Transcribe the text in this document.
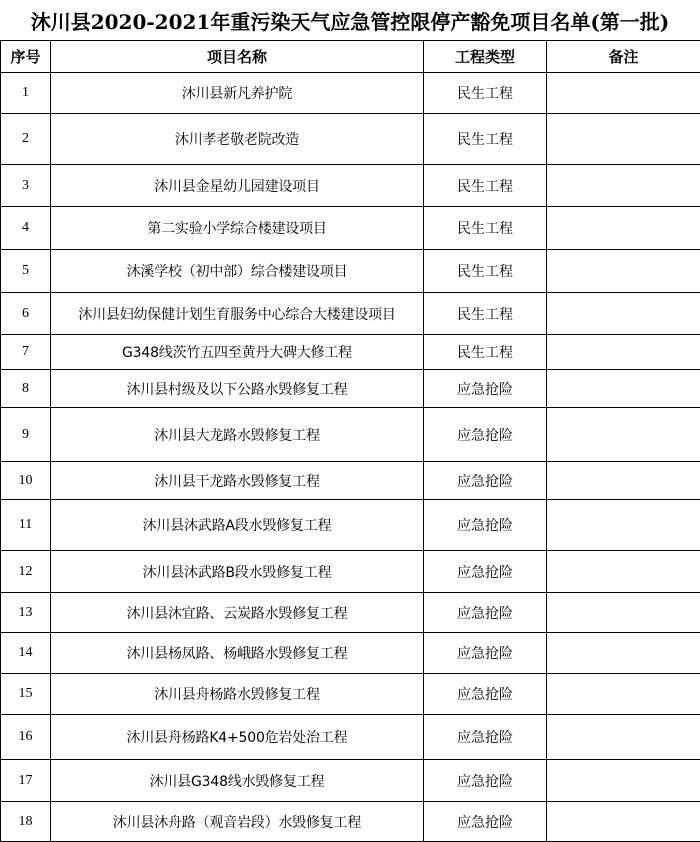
沐川县2020-2021年重污染天气应急管控限停产豁免项目名单(第一批)
序号	项目名称	工程类型	备注
1	沐川县新凡养护院	民生工程	
2	沐川孝老敬老院改造	民生工程	
3	沐川县金星幼儿园建设项目	民生工程	
4	第二实验小学综合楼建设项目	民生工程	
5	沐溪学校（初中部）综合楼建设项目	民生工程	
6	沐川县妇幼保健计划生育服务中心综合大楼建设项目	民生工程	
7	G348线茨竹五四至黄丹大碑大修工程	民生工程	
8	沐川县村级及以下公路水毁修复工程	应急抢险	
9	沐川县大龙路水毁修复工程	应急抢险	
10	沐川县干龙路水毁修复工程	应急抢险	
11	沐川县沐武路A段水毁修复工程	应急抢险	
12	沐川县沐武路B段水毁修复工程	应急抢险	
13	沐川县沐宜路、云炭路水毁修复工程	应急抢险	
14	沐川县杨凤路、杨峨路水毁修复工程	应急抢险	
15	沐川县舟杨路水毁修复工程	应急抢险	
16	沐川县舟杨路K4+500危岩处治工程	应急抢险	
17	沐川县G348线水毁修复工程	应急抢险	
18	沐川县沐舟路（观音岩段）水毁修复工程	应急抢险	
